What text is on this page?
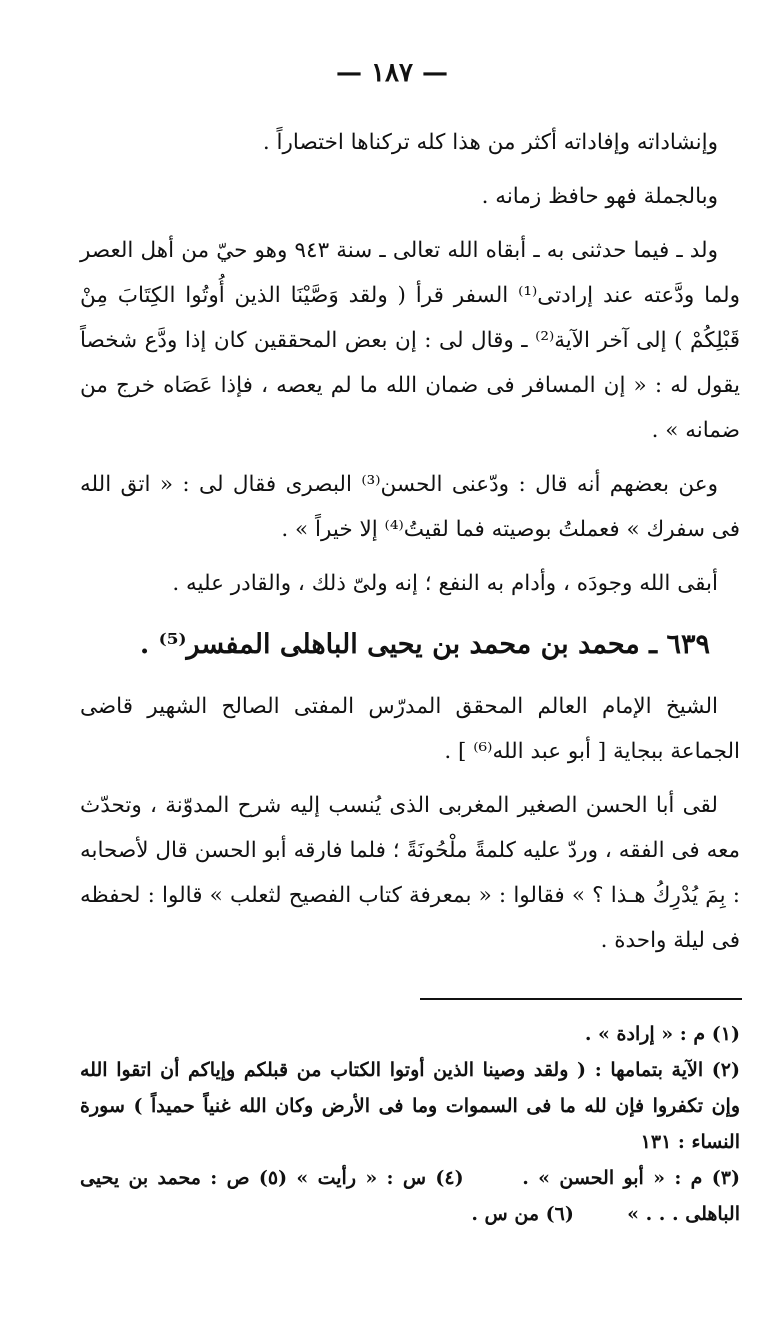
— ١٨٧ —

وإنشاداته وإفاداته أكثر من هذا كله تركناها اختصاراً .

وبالجملة فهو حافظ زمانه .

ولد ـ فيما حدثنى به ـ أبقاه الله تعالى ـ سنة ٩٤٣ وهو حيّ من أهل العصر ولما ودَّعته عند إرادتى⁽¹⁾ السفر قرأ ( ولقد وَصَّيْنَا الذين أُوتُوا الكِتَابَ مِنْ قَبْلِكُمْ ) إلى آخر الآية⁽²⁾ ـ وقال لى : إن بعض المحققين كان إذا ودَّع شخصاً يقول له : « إن المسافر فى ضمان الله ما لم يعصه ، فإذا عَصَاه خرج من ضمانه » .

وعن بعضهم أنه قال : ودّعنى الحسن⁽³⁾ البصرى فقال لى : « اتق الله فى سفرك » فعملتُ بوصيته فما لقيتُ⁽⁴⁾ إلا خيراً » .

أبقى الله وجودَه ، وأدام به النفع ؛ إنه ولىّ ذلك ، والقادر عليه .

٦٣٩ ـ محمد بن محمد بن يحيى الباهلى المفسر⁽⁵⁾ .

الشيخ الإمام العالم المحقق المدرّس المفتى الصالح الشهير قاضى الجماعة ببجاية [ أبو عبد الله⁽⁶⁾ ] .

لقى أبا الحسن الصغير المغربى الذى يُنسب إليه شرح المدوّنة ، وتحدّث معه فى الفقه ، وردّ عليه كلمةً ملْحُونَةً ؛ فلما فارقه أبو الحسن قال لأصحابه : بِمَ يُدْرِكُ هـذا ؟ » فقالوا : « بمعرفة كتاب الفصيح لثعلب » قالوا : لحفظه فى ليلة واحدة .

(١) م : « إرادة » .

(٢) الآية بتمامها : ( ولقد وصينا الذين أوتوا الكتاب من قبلكم وإياكم أن اتقوا الله وإن تكفروا فإن لله ما فى السموات وما فى الأرض وكان الله غنياً حميداً ) سورة النساء : ١٣١

(٣) م : « أبو الحسن » .  (٤) س : « رأيت » (٥) ص : محمد بن يحيى الباهلى . . . »  (٦) من س .
